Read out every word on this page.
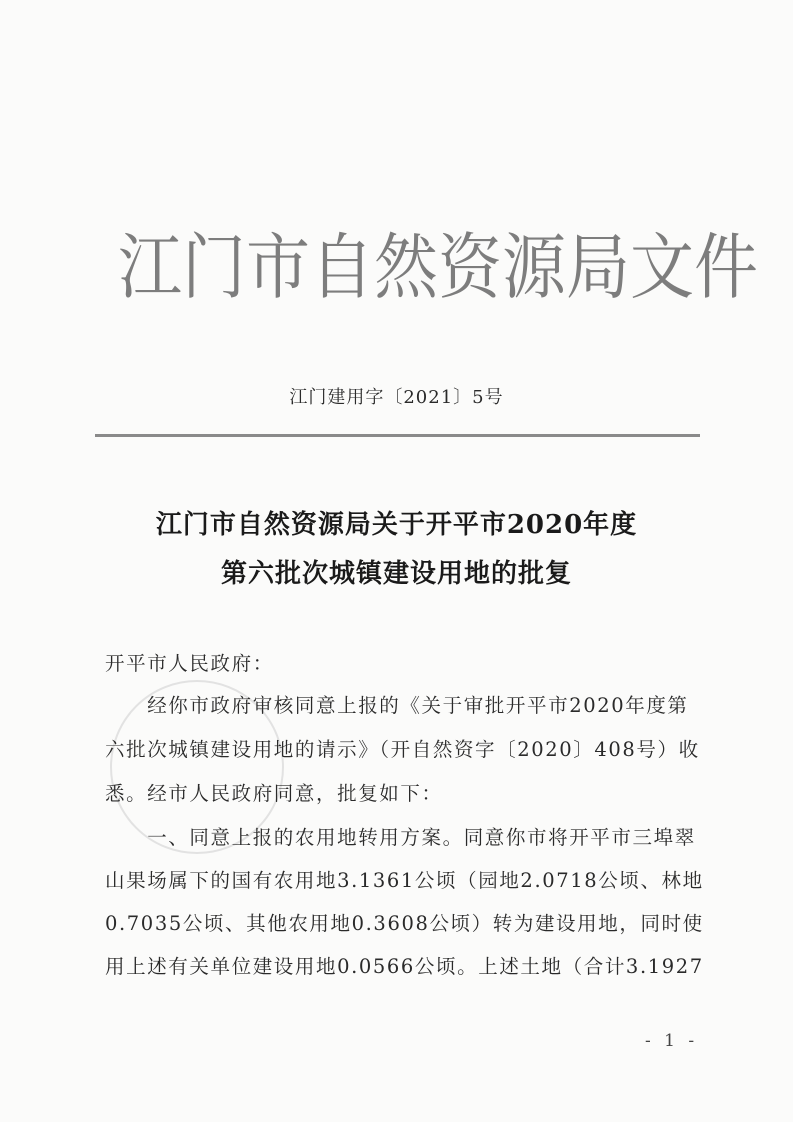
江 门 市 自 然 资 源 局 文 件
江门建用字〔2021〕5号
江门市自然资源局关于开平市2020年度
第六批次城镇建设用地的批复
开平市人民政府：
　　经你市政府审核同意上报的《关于审批开平市2020年度第
六批次城镇建设用地的请示》（开自然资字〔2020〕408号）收
悉。经市人民政府同意，批复如下：
　　一、同意上报的农用地转用方案。同意你市将开平市三埠翠
山果场属下的国有农用地3.1361公顷（园地2.0718公顷、林地
0.7035公顷、其他农用地0.3608公顷）转为建设用地，同时使
用上述有关单位建设用地0.0566公顷。上述土地（合计3.1927
- 1 -
